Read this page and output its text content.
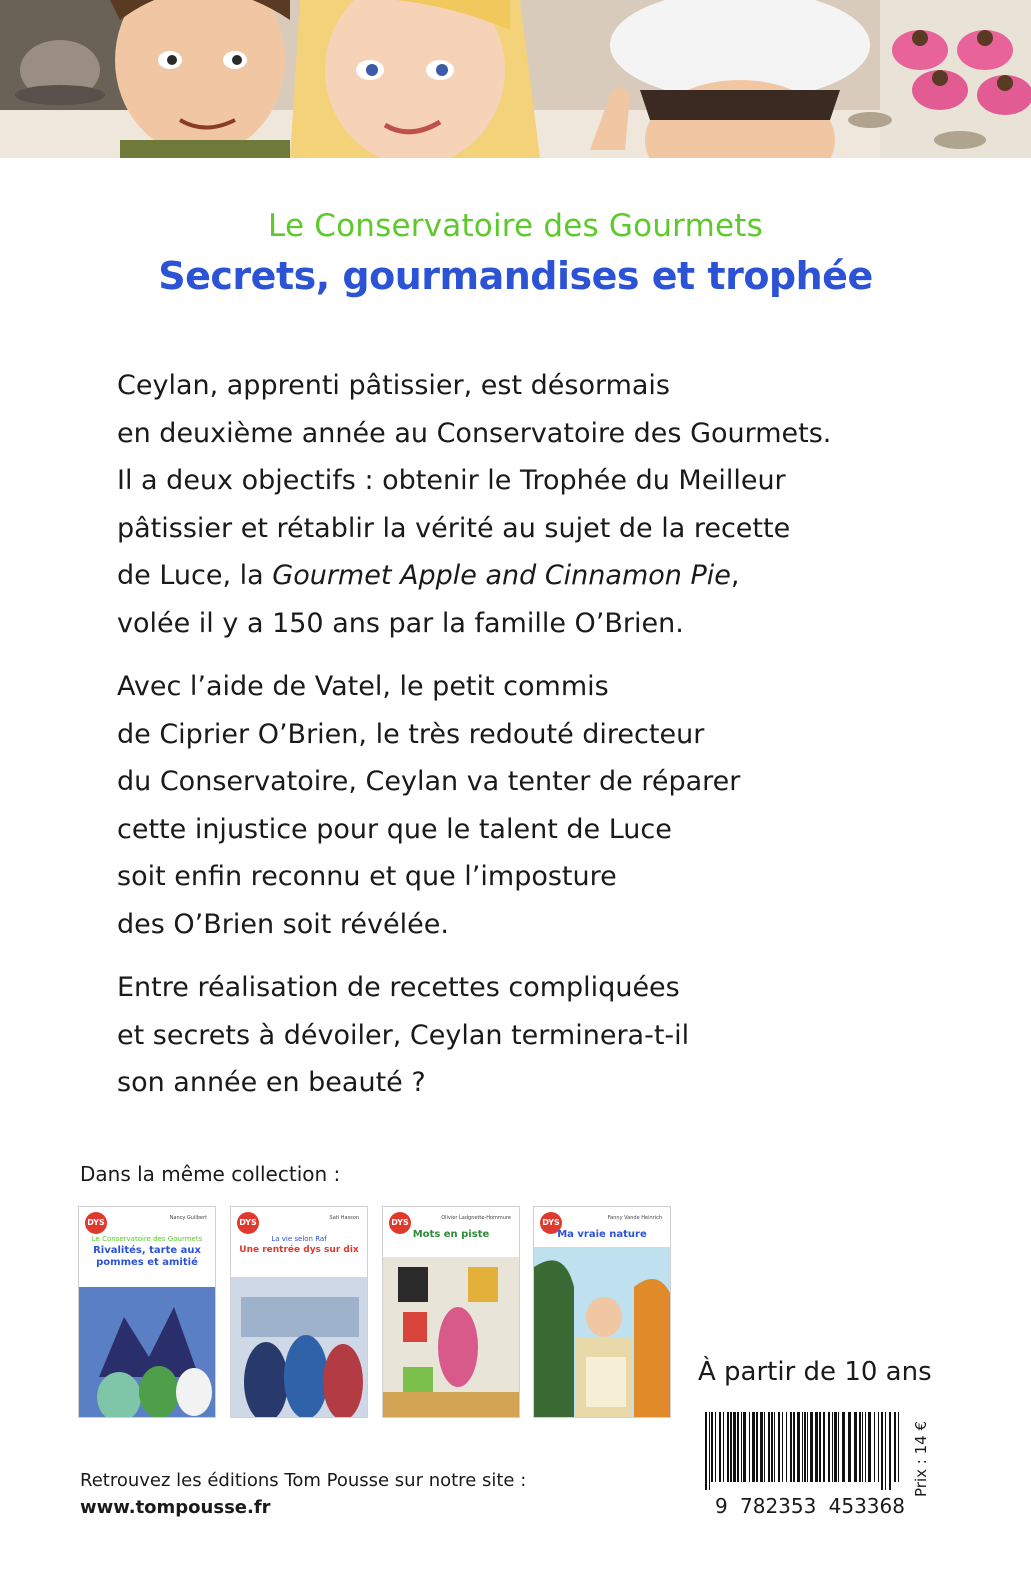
Le Conservatoire des Gourmets
Secrets, gourmandises et trophée

Ceylan, apprenti pâtissier, est désormais
en deuxième année au Conservatoire des Gourmets.
Il a deux objectifs : obtenir le Trophée du Meilleur
pâtissier et rétablir la vérité au sujet de la recette
de Luce, la Gourmet Apple and Cinnamon Pie,
volée il y a 150 ans par la famille O’Brien.

Avec l’aide de Vatel, le petit commis
de Ciprier O’Brien, le très redouté directeur
du Conservatoire, Ceylan va tenter de réparer
cette injustice pour que le talent de Luce
soit enfin reconnu et que l’imposture
des O’Brien soit révélée.

Entre réalisation de recettes compliquées
et secrets à dévoiler, Ceylan terminera-t-il
son année en beauté ?

Dans la même collection :
DYS	Nancy Guilbert
Le Conservatoire des Gourmets
Rivalités, tarte aux pommes et amitié
DYS	Sati Hasson
La vie selon Raf
Une rentrée dys sur dix
DYS	Olivier Ladgnette-Hommure
Mots en piste
DYS	Fanny Vande Heinrich
Ma vraie nature
À partir de 10 ans
9 782353 453368
Prix : 14 €
Retrouvez les éditions Tom Pousse sur notre site :
www.tompousse.fr
